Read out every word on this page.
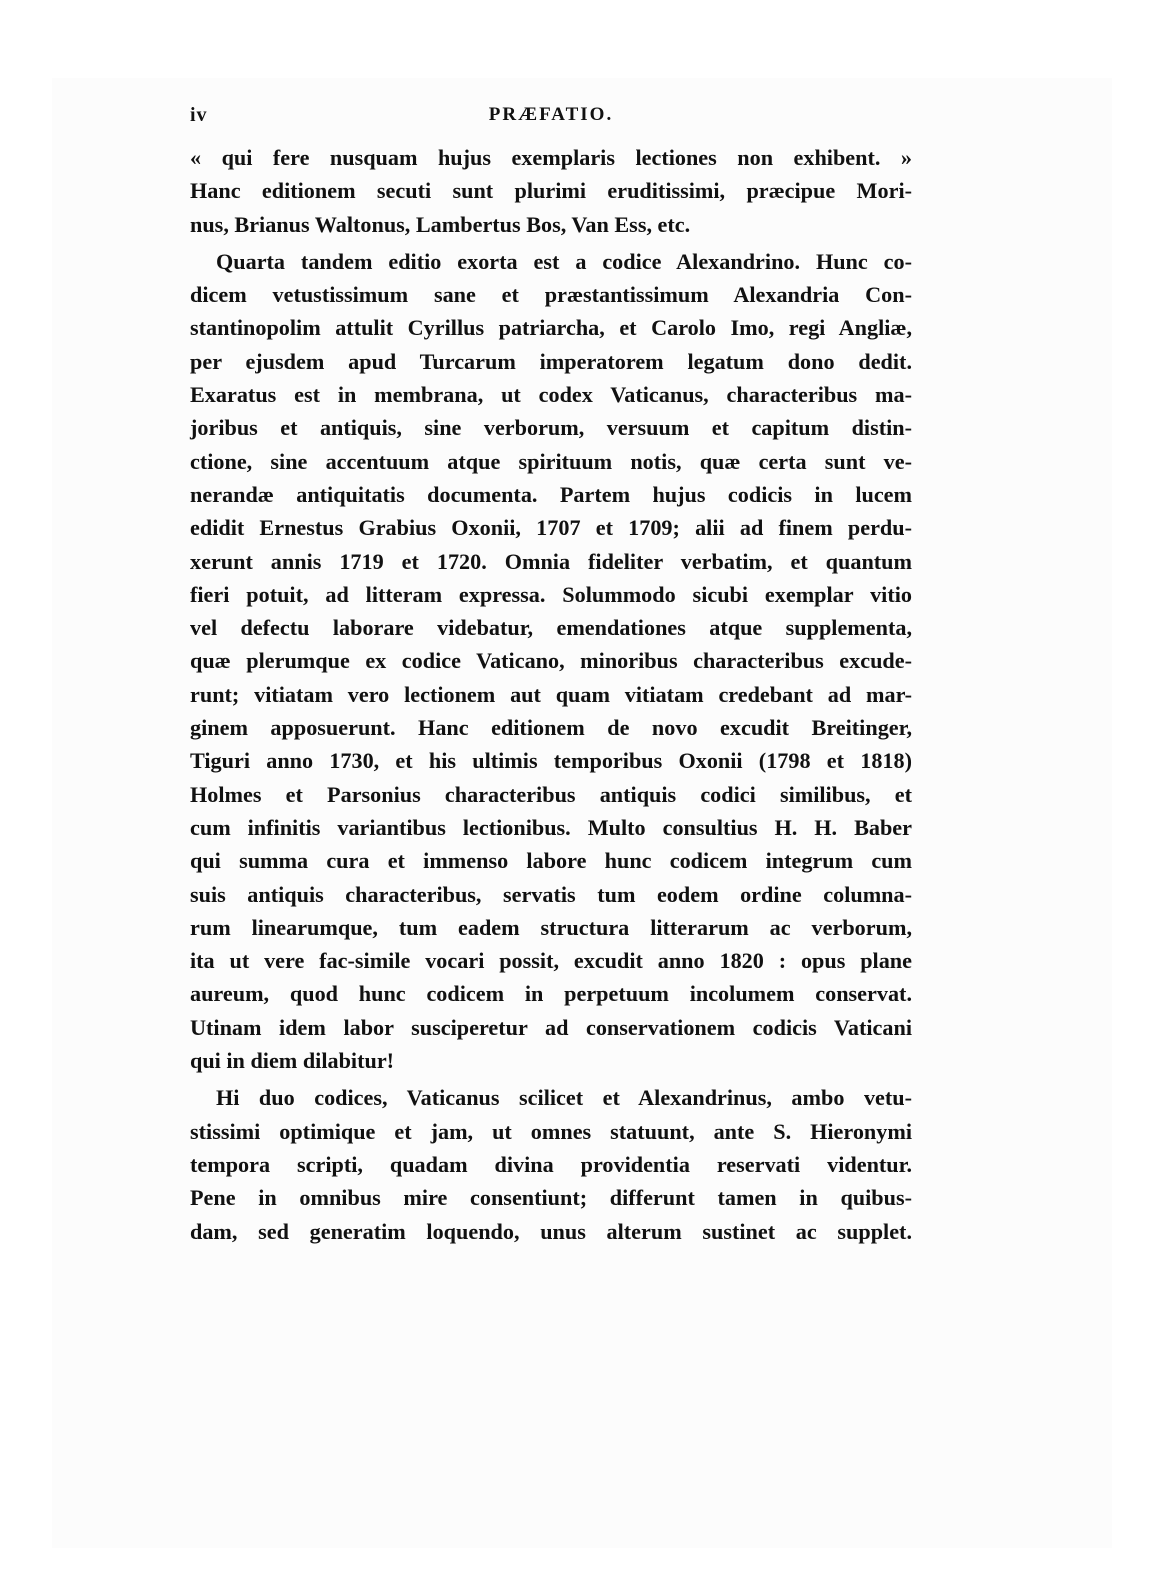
iv	PRÆFATIO.
« qui fere nusquam hujus exemplaris lectiones non exhibent. »
Hanc editionem secuti sunt plurimi eruditissimi, præcipue Mori-
nus, Brianus Waltonus, Lambertus Bos, Van Ess, etc.
Quarta tandem editio exorta est a codice Alexandrino. Hunc co-
dicem vetustissimum sane et præstantissimum Alexandria Con-
stantinopolim attulit Cyrillus patriarcha, et Carolo Imo, regi Angliæ,
per ejusdem apud Turcarum imperatorem legatum dono dedit.
Exaratus est in membrana, ut codex Vaticanus, characteribus ma-
joribus et antiquis, sine verborum, versuum et capitum distin-
ctione, sine accentuum atque spirituum notis, quæ certa sunt ve-
nerandæ antiquitatis documenta. Partem hujus codicis in lucem
edidit Ernestus Grabius Oxonii, 1707 et 1709; alii ad finem perdu-
xerunt annis 1719 et 1720. Omnia fideliter verbatim, et quantum
fieri potuit, ad litteram expressa. Solummodo sicubi exemplar vitio
vel defectu laborare videbatur, emendationes atque supplementa,
quæ plerumque ex codice Vaticano, minoribus characteribus excude-
runt; vitiatam vero lectionem aut quam vitiatam credebant ad mar-
ginem apposuerunt. Hanc editionem de novo excudit Breitinger,
Tiguri anno 1730, et his ultimis temporibus Oxonii (1798 et 1818)
Holmes et Parsonius characteribus antiquis codici similibus, et
cum infinitis variantibus lectionibus. Multo consultius H. H. Baber
qui summa cura et immenso labore hunc codicem integrum cum
suis antiquis characteribus, servatis tum eodem ordine columna-
rum linearumque, tum eadem structura litterarum ac verborum,
ita ut vere fac-simile vocari possit, excudit anno 1820 : opus plane
aureum, quod hunc codicem in perpetuum incolumem conservat.
Utinam idem labor susciperetur ad conservationem codicis Vaticani
qui in diem dilabitur!
Hi duo codices, Vaticanus scilicet et Alexandrinus, ambo vetu-
stissimi optimique et jam, ut omnes statuunt, ante S. Hieronymi
tempora scripti, quadam divina providentia reservati videntur.
Pene in omnibus mire consentiunt; differunt tamen in quibus-
dam, sed generatim loquendo, unus alterum sustinet ac supplet.
